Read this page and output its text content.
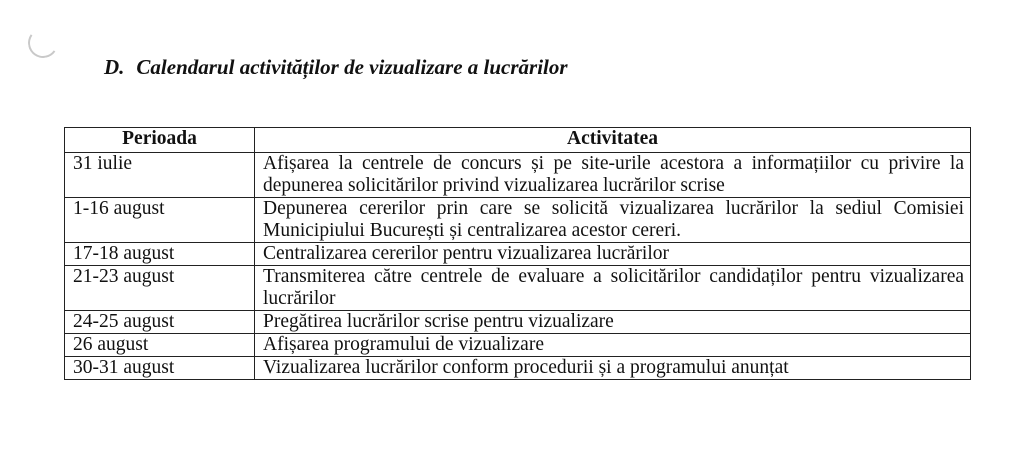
D. Calendarul activităților de vizualizare a lucrărilor
Perioada	Activitatea
31 iulie	Afișarea la centrele de concurs și pe site-urile acestora a informațiilor cu privire la depunerea solicitărilor privind vizualizarea lucrărilor scrise
1-16 august	Depunerea cererilor prin care se solicită vizualizarea lucrărilor la sediul Comisiei Municipiului București și centralizarea acestor cereri.
17-18 august	Centralizarea cererilor pentru vizualizarea lucrărilor
21-23 august	Transmiterea către centrele de evaluare a solicitărilor candidaților pentru vizualizarea lucrărilor
24-25 august	Pregătirea lucrărilor scrise pentru vizualizare
26 august	Afișarea programului de vizualizare
30-31 august	Vizualizarea lucrărilor conform procedurii și a programului anunțat
